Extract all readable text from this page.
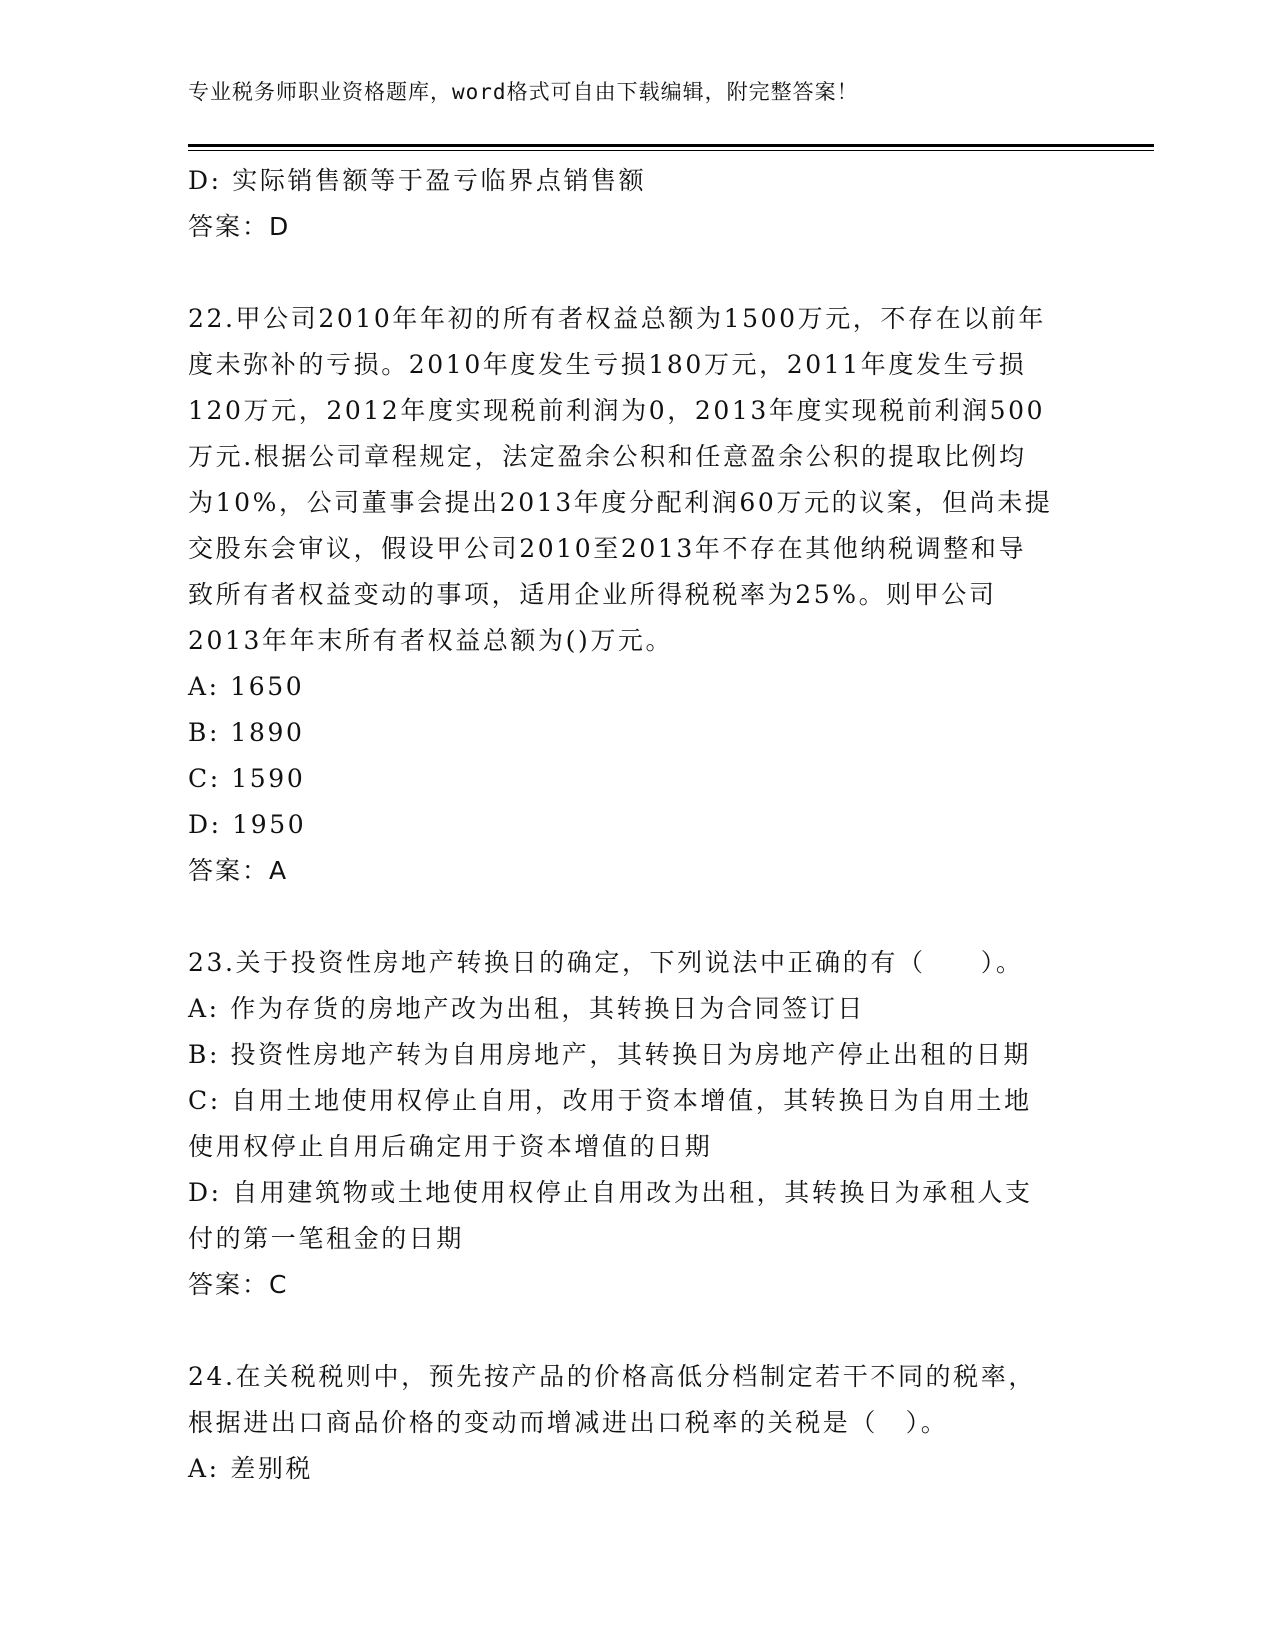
专业税务师职业资格题库，word格式可自由下载编辑，附完整答案！
D: 实际销售额等于盈亏临界点销售额
答案：D
22.甲公司2010年年初的所有者权益总额为1500万元，不存在以前年
度未弥补的亏损。2010年度发生亏损180万元，2011年度发生亏损
120万元，2012年度实现税前利润为0，2013年度实现税前利润500
万元.根据公司章程规定，法定盈余公积和任意盈余公积的提取比例均
为10%，公司董事会提出2013年度分配利润60万元的议案，但尚未提
交股东会审议，假设甲公司2010至2013年不存在其他纳税调整和导
致所有者权益变动的事项，适用企业所得税税率为25%。则甲公司
2013年年末所有者权益总额为()万元。
A: 1650
B: 1890
C: 1590
D: 1950
答案：A
23.关于投资性房地产转换日的确定，下列说法中正确的有（　　）。
A: 作为存货的房地产改为出租，其转换日为合同签订日
B: 投资性房地产转为自用房地产，其转换日为房地产停止出租的日期
C: 自用土地使用权停止自用，改用于资本增值，其转换日为自用土地
使用权停止自用后确定用于资本增值的日期
D: 自用建筑物或土地使用权停止自用改为出租，其转换日为承租人支
付的第一笔租金的日期
答案：C
24.在关税税则中，预先按产品的价格高低分档制定若干不同的税率，
根据进出口商品价格的变动而增减进出口税率的关税是（　）。
A: 差别税
